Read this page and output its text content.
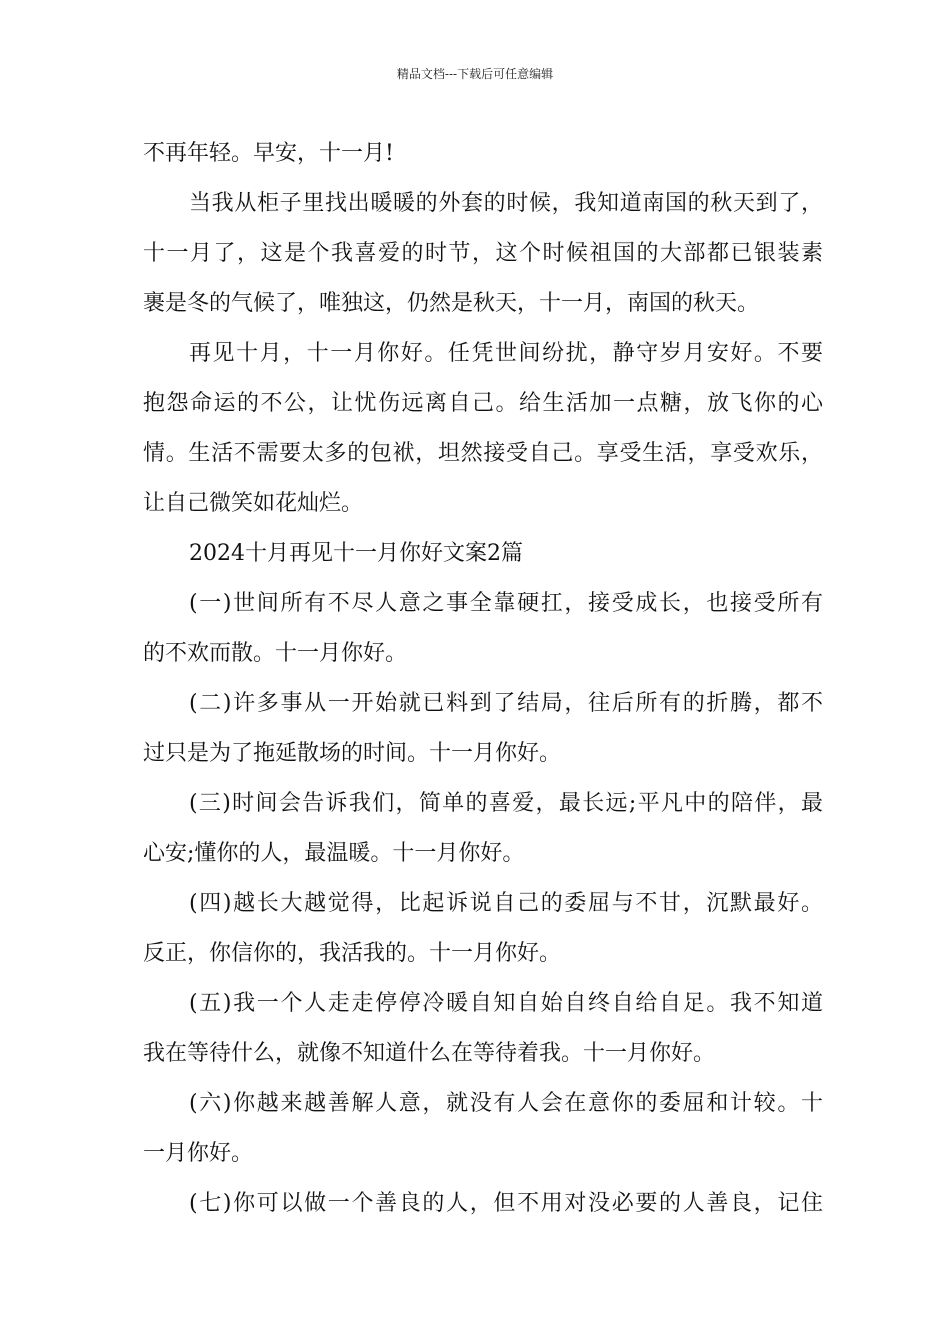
精品文档---下载后可任意编辑
不再年轻。早安，十一月!
当我从柜子里找出暖暖的外套的时候，我知道南国的秋天到了，
十一月了，这是个我喜爱的时节，这个时候祖国的大部都已银装素
裹是冬的气候了，唯独这，仍然是秋天，十一月，南国的秋天。
再见十月，十一月你好。任凭世间纷扰，静守岁月安好。不要
抱怨命运的不公，让忧伤远离自己。给生活加一点糖，放飞你的心
情。生活不需要太多的包袱，坦然接受自己。享受生活，享受欢乐，
让自己微笑如花灿烂。
2024十月再见十一月你好文案2篇
(一)世间所有不尽人意之事全靠硬扛，接受成长，也接受所有
的不欢而散。十一月你好。
(二)许多事从一开始就已料到了结局，往后所有的折腾，都不
过只是为了拖延散场的时间。十一月你好。
(三)时间会告诉我们，简单的喜爱，最长远;平凡中的陪伴，最
心安;懂你的人，最温暖。十一月你好。
(四)越长大越觉得，比起诉说自己的委屈与不甘，沉默最好。
反正，你信你的，我活我的。十一月你好。
(五)我一个人走走停停冷暖自知自始自终自给自足。我不知道
我在等待什么，就像不知道什么在等待着我。十一月你好。
(六)你越来越善解人意，就没有人会在意你的委屈和计较。十
一月你好。
(七)你可以做一个善良的人，但不用对没必要的人善良，记住
